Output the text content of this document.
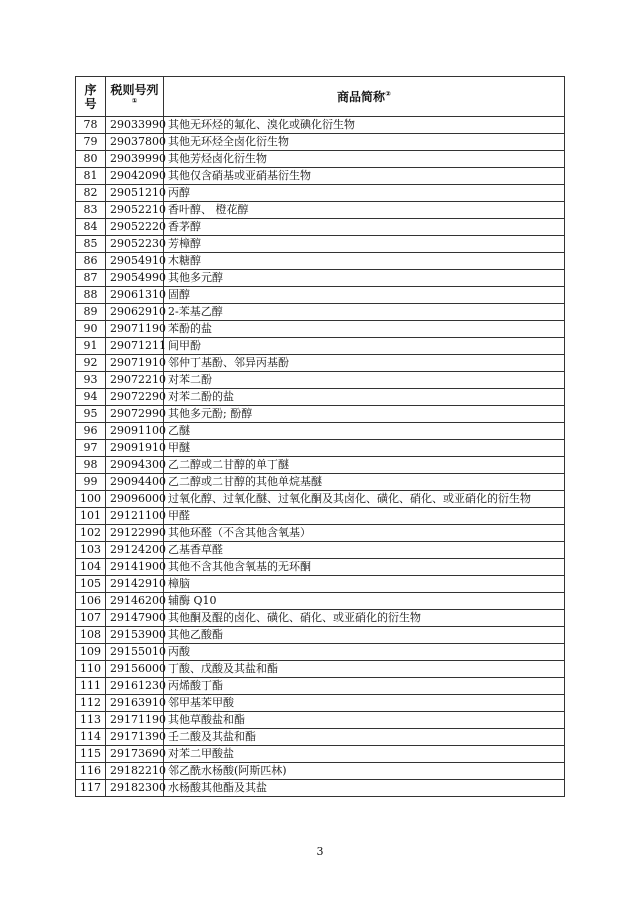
序号	税则号列①	商品简称②
78	29033990	其他无环烃的氟化、溴化或碘化衍生物
79	29037800	其他无环烃全卤化衍生物
80	29039990	其他芳烃卤化衍生物
81	29042090	其他仅含硝基或亚硝基衍生物
82	29051210	丙醇
83	29052210	香叶醇、 橙花醇
84	29052220	香茅醇
85	29052230	芳樟醇
86	29054910	木糖醇
87	29054990	其他多元醇
88	29061310	固醇
89	29062910	2-苯基乙醇
90	29071190	苯酚的盐
91	29071211	间甲酚
92	29071910	邻仲丁基酚、邻异丙基酚
93	29072210	对苯二酚
94	29072290	对苯二酚的盐
95	29072990	其他多元酚; 酚醇
96	29091100	乙醚
97	29091910	甲醚
98	29094300	乙二醇或二甘醇的单丁醚
99	29094400	乙二醇或二甘醇的其他单烷基醚
100	29096000	过氧化醇、过氧化醚、过氧化酮及其卤化、磺化、硝化、或亚硝化的衍生物
101	29121100	甲醛
102	29122990	其他环醛（不含其他含氧基）
103	29124200	乙基香草醛
104	29141900	其他不含其他含氧基的无环酮
105	29142910	樟脑
106	29146200	辅酶 Q10
107	29147900	其他酮及醌的卤化、磺化、硝化、或亚硝化的衍生物
108	29153900	其他乙酸酯
109	29155010	丙酸
110	29156000	丁酸、戊酸及其盐和酯
111	29161230	丙烯酸丁酯
112	29163910	邻甲基苯甲酸
113	29171190	其他草酸盐和酯
114	29171390	壬二酸及其盐和酯
115	29173690	对苯二甲酸盐
116	29182210	邻乙酰水杨酸(阿斯匹林)
117	29182300	水杨酸其他酯及其盐
3
